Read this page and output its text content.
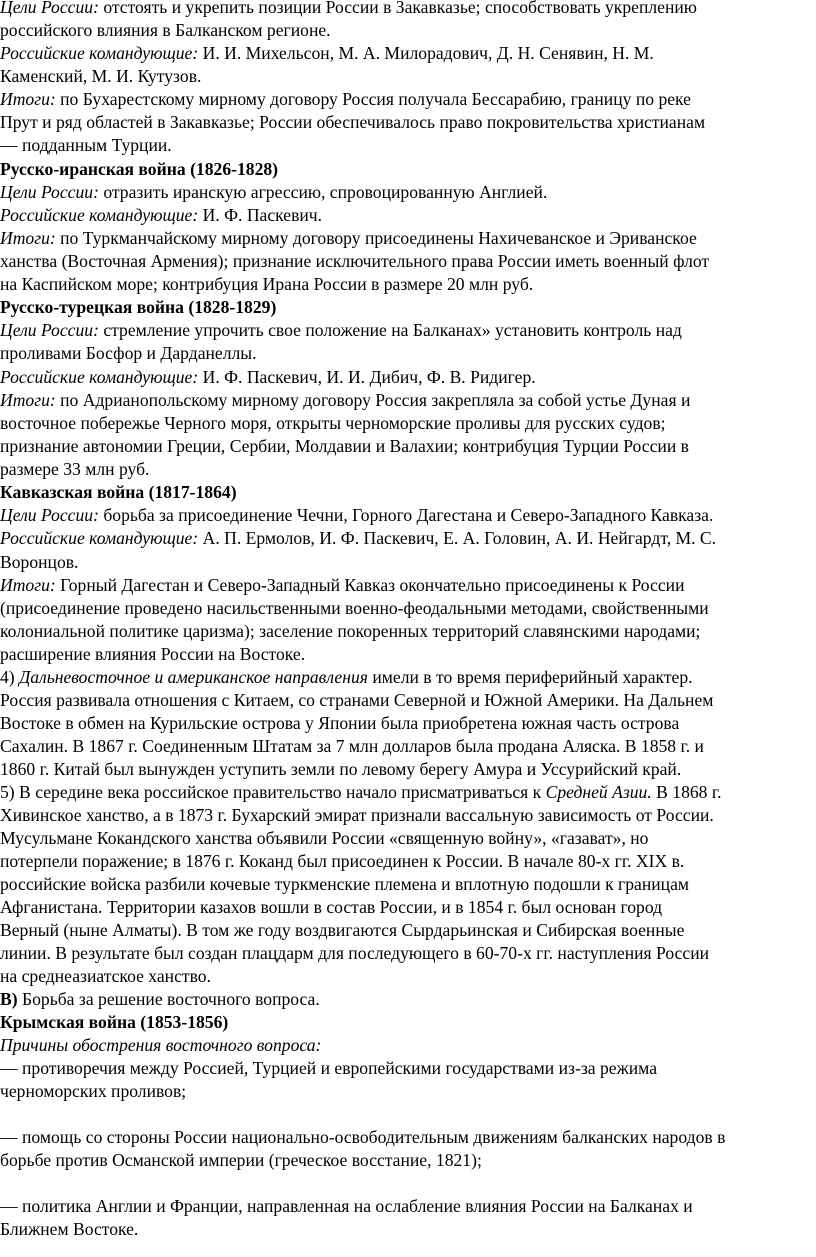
Цели России: отстоять и укрепить позиции России в Закавказье; способствовать укреплению
российского влияния в Балканском регионе.
Российские командующие: И. И. Михельсон, М. А. Милорадович, Д. Н. Сенявин, Н. М.
Каменский, М. И. Кутузов.
Итоги: по Бухарестскому мирному договору Россия получала Бессарабию, границу по реке
Прут и ряд областей в Закавказье; России обеспечивалось право покровительства христианам
— подданным Турции.
Русско-иранская война (1826-1828)
Цели России: отразить иранскую агрессию, спровоцированную Англией.
Российские командующие: И. Ф. Паскевич.
Итоги: по Туркманчайскому мирному договору присоединены Нахичеванское и Эриванское
ханства (Восточная Армения); признание исключительного права России иметь военный флот
на Каспийском море; контрибуция Ирана России в размере 20 млн руб.
Русско-турецкая война (1828-1829)
Цели России: стремление упрочить свое положение на Балканах» установить контроль над
проливами Босфор и Дарданеллы.
Российские командующие: И. Ф. Паскевич, И. И. Дибич, Ф. В. Ридигер.
Итоги: по Адрианопольскому мирному договору Россия закрепляла за собой устье Дуная и
восточное побережье Черного моря, открыты черноморские проливы для русских судов;
признание автономии Греции, Сербии, Молдавии и Валахии; контрибуция Турции России в
размере 33 млн руб.
Кавказская война (1817-1864)
Цели России: борьба за присоединение Чечни, Горного Дагестана и Северо-Западного Кавказа.
Российские командующие: А. П. Ермолов, И. Ф. Паскевич, Е. А. Головин, А. И. Нейгардт, М. С.
Воронцов.
Итоги: Горный Дагестан и Северо-Западный Кавказ окончательно присоединены к России
(присоединение проведено насильственными военно-феодальными методами, свойственными
колониальной политике царизма); заселение покоренных территорий славянскими народами;
расширение влияния России на Востоке.
4) Дальневосточное и американское направления имели в то время периферийный характер.
Россия развивала отношения с Китаем, со странами Северной и Южной Америки. На Дальнем
Востоке в обмен на Курильские острова у Японии была приобретена южная часть острова
Сахалин. В 1867 г. Соединенным Штатам за 7 млн долларов была продана Аляска. В 1858 г. и
1860 г. Китай был вынужден уступить земли по левому берегу Амура и Уссурийский край.
5) В середине века российское правительство начало присматриваться к Средней Азии. В 1868 г.
Хивинское ханство, а в 1873 г. Бухарский эмират признали вассальную зависимость от России.
Мусульмане Кокандского ханства объявили России «священную войну», «газават», но
потерпели поражение; в 1876 г. Коканд был присоединен к России. В начале 80-х гг. XIX в.
российские войска разбили кочевые туркменские племена и вплотную подошли к границам
Афганистана. Территории казахов вошли в состав России, и в 1854 г. был основан город
Верный (ныне Алматы). В том же году воздвигаются Сырдарьинская и Сибирская военные
линии. В результате был создан плацдарм для последующего в 60-70-х гг. наступления России
на среднеазиатское ханство.
В) Борьба за решение восточного вопроса.
Крымская война (1853-1856)
Причины обострения восточного вопроса:
— противоречия между Россией, Турцией и европейскими государствами из-за режима
черноморских проливов;
— помощь со стороны России национально-освободительным движениям балканских народов в
борьбе против Османской империи (греческое восстание, 1821);
— политика Англии и Франции, направленная на ослабление влияния России на Балканах и
Ближнем Востоке.
